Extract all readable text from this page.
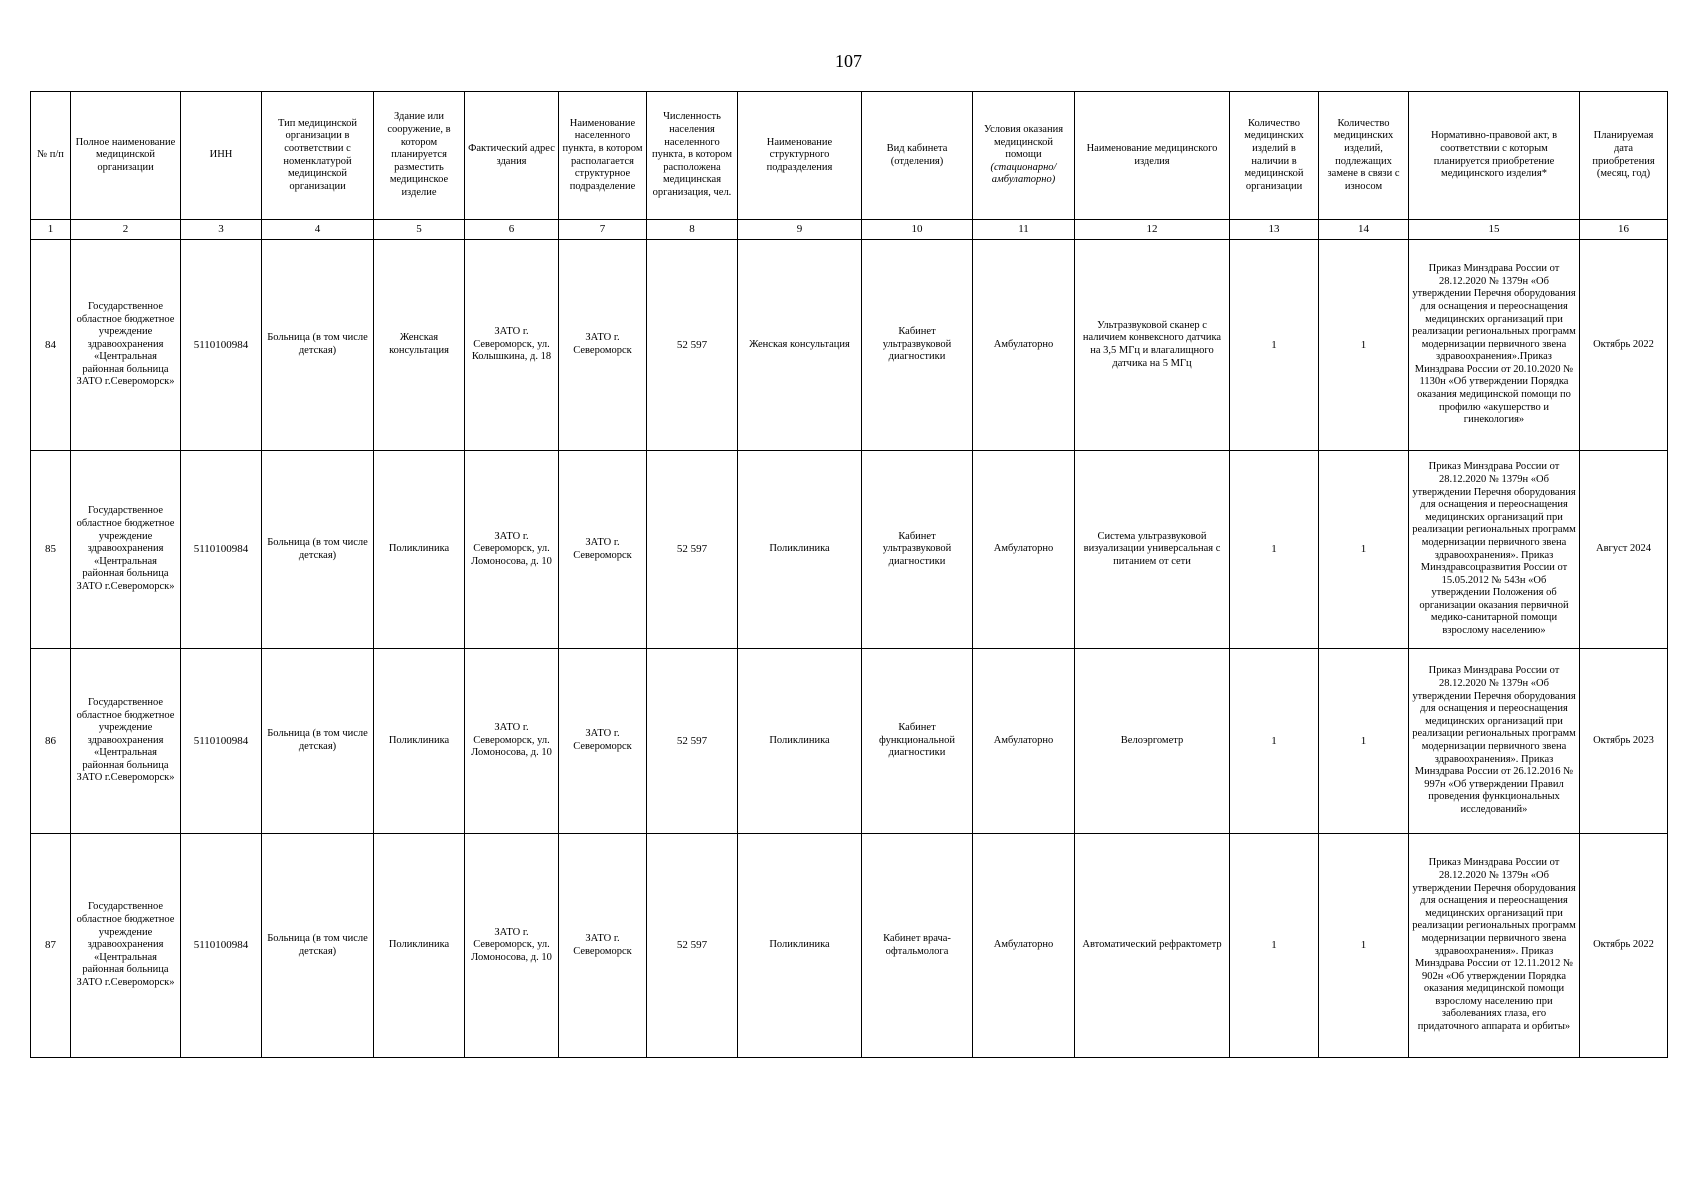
107
№ п/п	Полное наименование медицинской организации	ИНН	Тип медицинской организации в соответствии с номенклатурой медицинской организации	Здание или сооружение, в котором планируется разместить медицинское изделие	Фактический адрес здания	Наименование населенного пункта, в котором располагается структурное подразделение	Численность населения населенного пункта, в котором расположена медицинская организация, чел.	Наименование структурного подразделения	Вид кабинета (отделения)	Условия оказания медицинской помощи
(стационарно/ амбулаторно)	Наименование медицинского изделия	Количество медицинских изделий в наличии в медицинской организации	Количество медицинских изделий, подлежащих замене в связи с износом	Нормативно-правовой акт, в соответствии с которым планируется приобретение медицинского изделия*	Планируемая дата приобретения (месяц, год)
1	2	3	4	5	6	7	8	9	10	11	12	13	14	15	16
84	Государственное областное бюджетное учреждение здравоохранения «Центральная районная больница ЗАТО г.Североморск»	5110100984	Больница (в том числе детская)	Женская консультация	ЗАТО г. Североморск, ул. Колышкина, д. 18	ЗАТО г. Североморск	52 597	Женская консультация	Кабинет ультразвуковой диагностики	Амбулаторно	Ультразвуковой сканер с наличием конвексного датчика на 3,5 МГц и влагалищного датчика на 5 МГц	1	1	Приказ Минздрава России от 28.12.2020 № 1379н «Об утверждении Перечня оборудования для оснащения и переоснащения медицинских организаций при реализации региональных программ модернизации первичного звена здравоохранения».Приказ Минздрава России от 20.10.2020 № 1130н «Об утверждении Порядка оказания медицинской помощи по профилю «акушерство и гинекология»	Октябрь 2022
85	Государственное областное бюджетное учреждение здравоохранения «Центральная районная больница ЗАТО г.Североморск»	5110100984	Больница (в том числе детская)	Поликлиника	ЗАТО г. Североморск, ул. Ломоносова, д. 10	ЗАТО г. Североморск	52 597	Поликлиника	Кабинет ультразвуковой диагностики	Амбулаторно	Система ультразвуковой визуализации универсальная с питанием от сети	1	1	Приказ Минздрава России от 28.12.2020 № 1379н «Об утверждении Перечня оборудования для оснащения и переоснащения медицинских организаций при реализации региональных программ модернизации первичного звена здравоохранения». Приказ Минздравсоцразвития России от 15.05.2012 № 543н «Об утверждении Положения об организации оказания первичной медико-санитарной помощи взрослому населению»	Август 2024
86	Государственное областное бюджетное учреждение здравоохранения «Центральная районная больница ЗАТО г.Североморск»	5110100984	Больница (в том числе детская)	Поликлиника	ЗАТО г. Североморск, ул. Ломоносова, д. 10	ЗАТО г. Североморск	52 597	Поликлиника	Кабинет функциональной диагностики	Амбулаторно	Велоэргометр	1	1	Приказ Минздрава России от 28.12.2020 № 1379н «Об утверждении Перечня оборудования для оснащения и переоснащения медицинских организаций при реализации региональных программ модернизации первичного звена здравоохранения». Приказ Минздрава России от 26.12.2016 № 997н «Об утверждении Правил проведения функциональных исследований»	Октябрь 2023
87	Государственное областное бюджетное учреждение здравоохранения «Центральная районная больница ЗАТО г.Североморск»	5110100984	Больница (в том числе детская)	Поликлиника	ЗАТО г. Североморск, ул. Ломоносова, д. 10	ЗАТО г. Североморск	52 597	Поликлиника	Кабинет врача-офтальмолога	Амбулаторно	Автоматический рефрактометр	1	1	Приказ Минздрава России от 28.12.2020 № 1379н «Об утверждении Перечня оборудования для оснащения и переоснащения медицинских организаций при реализации региональных программ модернизации первичного звена здравоохранения». Приказ Минздрава России от 12.11.2012 № 902н «Об утверждении Порядка оказания медицинской помощи взрослому населению при заболеваниях глаза, его придаточного аппарата и орбиты»	Октябрь 2022
